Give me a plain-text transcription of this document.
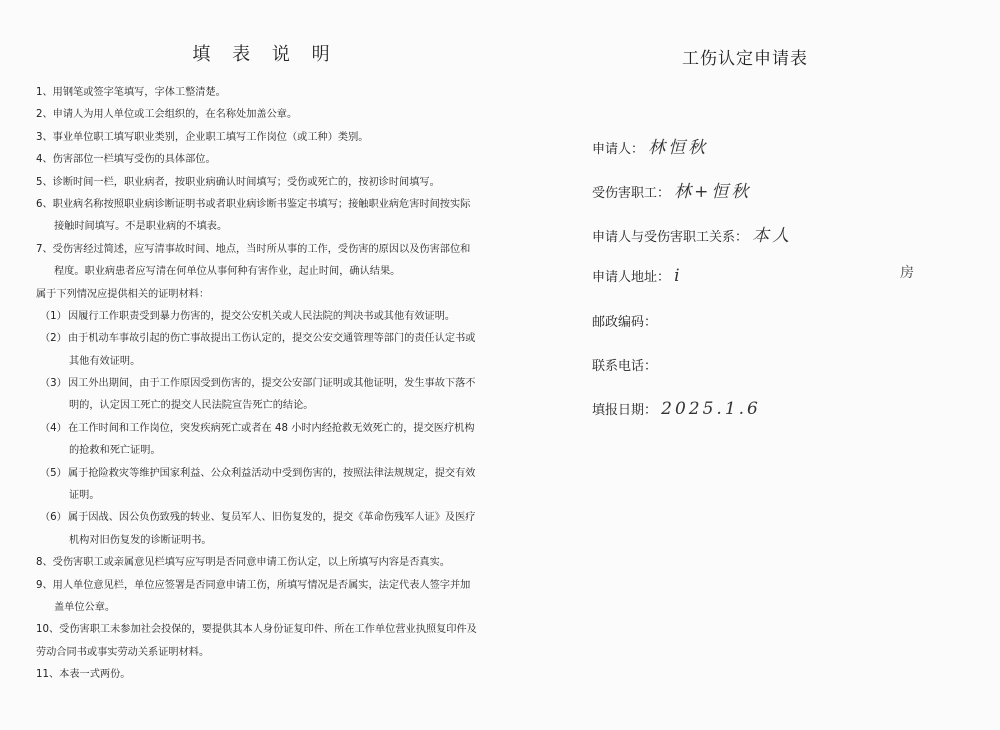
填 表 说 明	工伤认定申请表
1、用钢笔或签字笔填写，字体工整清楚。
2、申请人为用人单位或工会组织的，在名称处加盖公章。
3、事业单位职工填写职业类别，企业职工填写工作岗位（或工种）类别。
4、伤害部位一栏填写受伤的具体部位。
5、诊断时间一栏，职业病者，按职业病确认时间填写；受伤或死亡的，按初诊时间填写。
6、职业病名称按照职业病诊断证明书或者职业病诊断书鉴定书填写；接触职业病危害时间按实际
接触时间填写。不是职业病的不填表。
7、受伤害经过简述，应写清事故时间、地点，当时所从事的工作，受伤害的原因以及伤害部位和
程度。职业病患者应写清在何单位从事何种有害作业，起止时间，确认结果。
属于下列情况应提供相关的证明材料：
（1）因履行工作职责受到暴力伤害的，提交公安机关或人民法院的判决书或其他有效证明。
（2）由于机动车事故引起的伤亡事故提出工伤认定的，提交公安交通管理等部门的责任认定书或
其他有效证明。
（3）因工外出期间，由于工作原因受到伤害的，提交公安部门证明或其他证明，发生事故下落不
明的，认定因工死亡的提交人民法院宣告死亡的结论。
（4）在工作时间和工作岗位，突发疾病死亡或者在 48 小时内经抢救无效死亡的，提交医疗机构
的抢救和死亡证明。
（5）属于抢险救灾等维护国家利益、公众利益活动中受到伤害的，按照法律法规规定，提交有效
证明。
（6）属于因战、因公负伤致残的转业、复员军人、旧伤复发的，提交《革命伤残军人证》及医疗
机构对旧伤复发的诊断证明书。
8、受伤害职工或亲属意见栏填写应写明是否同意申请工伤认定，以上所填写内容是否真实。
9、用人单位意见栏，单位应签署是否同意申请工伤，所填写情况是否属实，法定代表人签字并加
盖单位公章。
10、受伤害职工未参加社会投保的，要提供其本人身份证复印件、所在工作单位营业执照复印件及
劳动合同书或事实劳动关系证明材料。
11、本表一式两份。
申请人： 林恒秋
受伤害职工： 林+恒秋
申请人与受伤害职工关系： 本人
申请人地址： i	房
邮政编码：
联系电话：
填报日期： 2025.1.6
